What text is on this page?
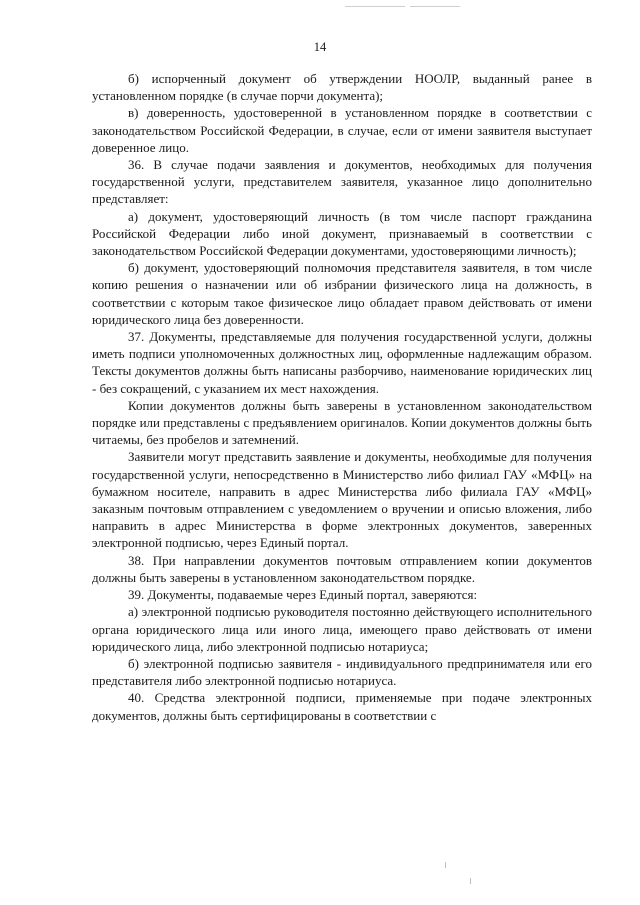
14

б) испорченный документ об утверждении НООЛР, выданный ранее в установленном порядке (в случае порчи документа);

в) доверенность, удостоверенной в установленном порядке в соответствии с законодательством Российской Федерации, в случае, если от имени заявителя выступает доверенное лицо.

36. В случае подачи заявления и документов, необходимых для получения государственной услуги, представителем заявителя, указанное лицо дополнительно представляет:

а) документ, удостоверяющий личность (в том числе паспорт гражданина Российской Федерации либо иной документ, признаваемый в соответствии с законодательством Российской Федерации документами, удостоверяющими личность);

б) документ, удостоверяющий полномочия представителя заявителя, в том числе копию решения о назначении или об избрании физического лица на должность, в соответствии с которым такое физическое лицо обладает правом действовать от имени юридического лица без доверенности.

37. Документы, представляемые для получения государственной услуги, должны иметь подписи уполномоченных должностных лиц, оформленные надлежащим образом. Тексты документов должны быть написаны разборчиво, наименование юридических лиц - без сокращений, с указанием их мест нахождения.

Копии документов должны быть заверены в установленном законодательством порядке или представлены с предъявлением оригиналов. Копии документов должны быть читаемы, без пробелов и затемнений.

Заявители могут представить заявление и документы, необходимые для получения государственной услуги, непосредственно в Министерство либо филиал ГАУ «МФЦ» на бумажном носителе, направить в адрес Министерства либо филиала ГАУ «МФЦ» заказным почтовым отправлением с уведомлением о вручении и описью вложения, либо направить в адрес Министерства в форме электронных документов, заверенных электронной подписью, через Единый портал.

38. При направлении документов почтовым отправлением копии документов должны быть заверены в установленном законодательством порядке.

39. Документы, подаваемые через Единый портал, заверяются:

а) электронной подписью руководителя постоянно действующего исполнительного органа юридического лица или иного лица, имеющего право действовать от имени юридического лица, либо электронной подписью нотариуса;

б) электронной подписью заявителя - индивидуального предпринимателя или его представителя либо электронной подписью нотариуса.

40. Средства электронной подписи, применяемые при подаче электронных документов, должны быть сертифицированы в соответствии с
